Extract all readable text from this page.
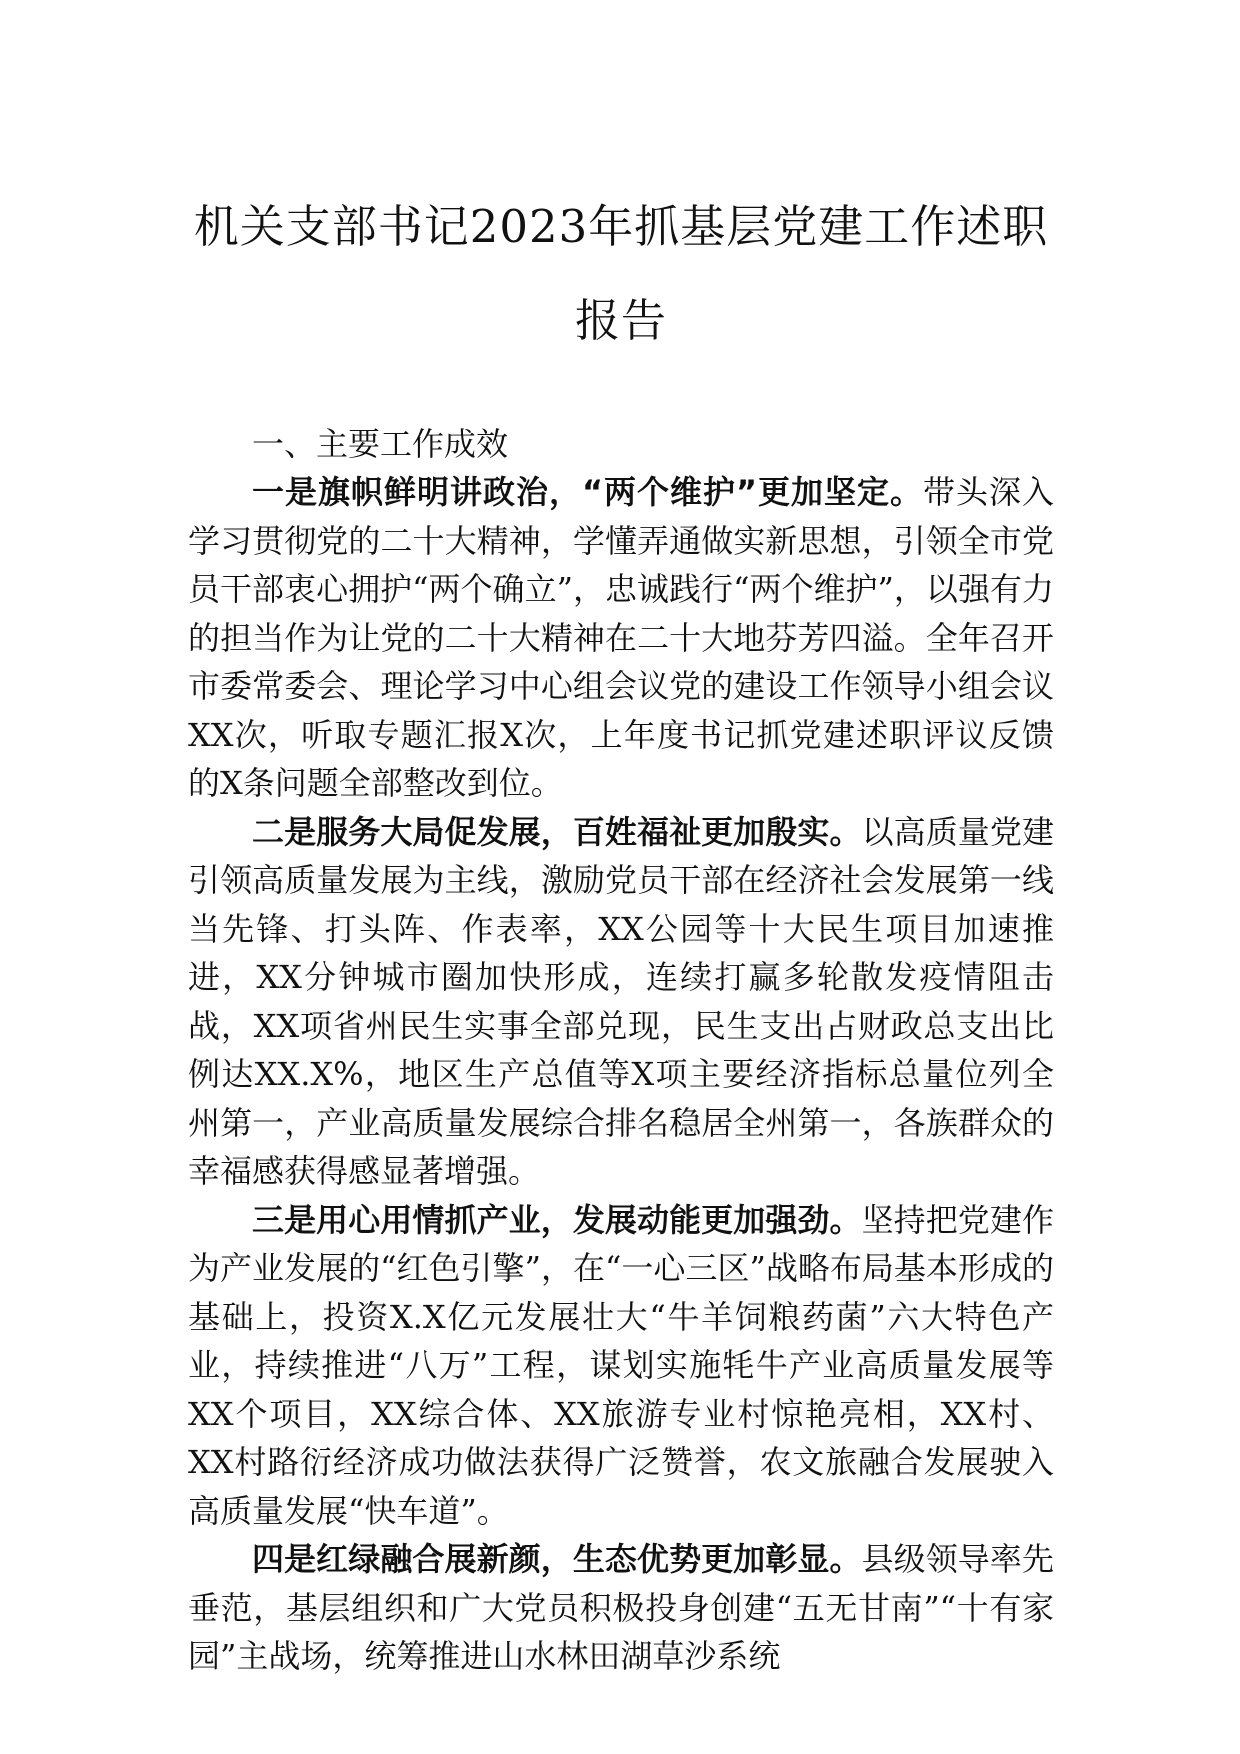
机关支部书记2023年抓基层党建工作述职
报告

一、主要工作成效

一是旗帜鲜明讲政治，“两个维护”更加坚定。带头深入学习贯彻党的二十大精神，学懂弄通做实新思想，引领全市党员干部衷心拥护“两个确立”，忠诚践行“两个维护”，以强有力的担当作为让党的二十大精神在二十大地芬芳四溢。全年召开市委常委会、理论学习中心组会议党的建设工作领导小组会议XX次，听取专题汇报X次，上年度书记抓党建述职评议反馈的X条问题全部整改到位。

二是服务大局促发展，百姓福祉更加殷实。以高质量党建引领高质量发展为主线，激励党员干部在经济社会发展第一线当先锋、打头阵、作表率，XX公园等十大民生项目加速推进，XX分钟城市圈加快形成，连续打赢多轮散发疫情阻击战，XX项省州民生实事全部兑现，民生支出占财政总支出比例达XX.X%，地区生产总值等X项主要经济指标总量位列全州第一，产业高质量发展综合排名稳居全州第一，各族群众的幸福感获得感显著增强。

三是用心用情抓产业，发展动能更加强劲。坚持把党建作为产业发展的“红色引擎”，在“一心三区”战略布局基本形成的基础上，投资X.X亿元发展壮大“牛羊饲粮药菌”六大特色产业，持续推进“八万”工程，谋划实施牦牛产业高质量发展等XX个项目，XX综合体、XX旅游专业村惊艳亮相，XX村、XX村路衍经济成功做法获得广泛赞誉，农文旅融合发展驶入高质量发展“快车道”。

四是红绿融合展新颜，生态优势更加彰显。县级领导率先垂范，基层组织和广大党员积极投身创建“五无甘南”“十有家园”主战场，统筹推进山水林田湖草沙系统
